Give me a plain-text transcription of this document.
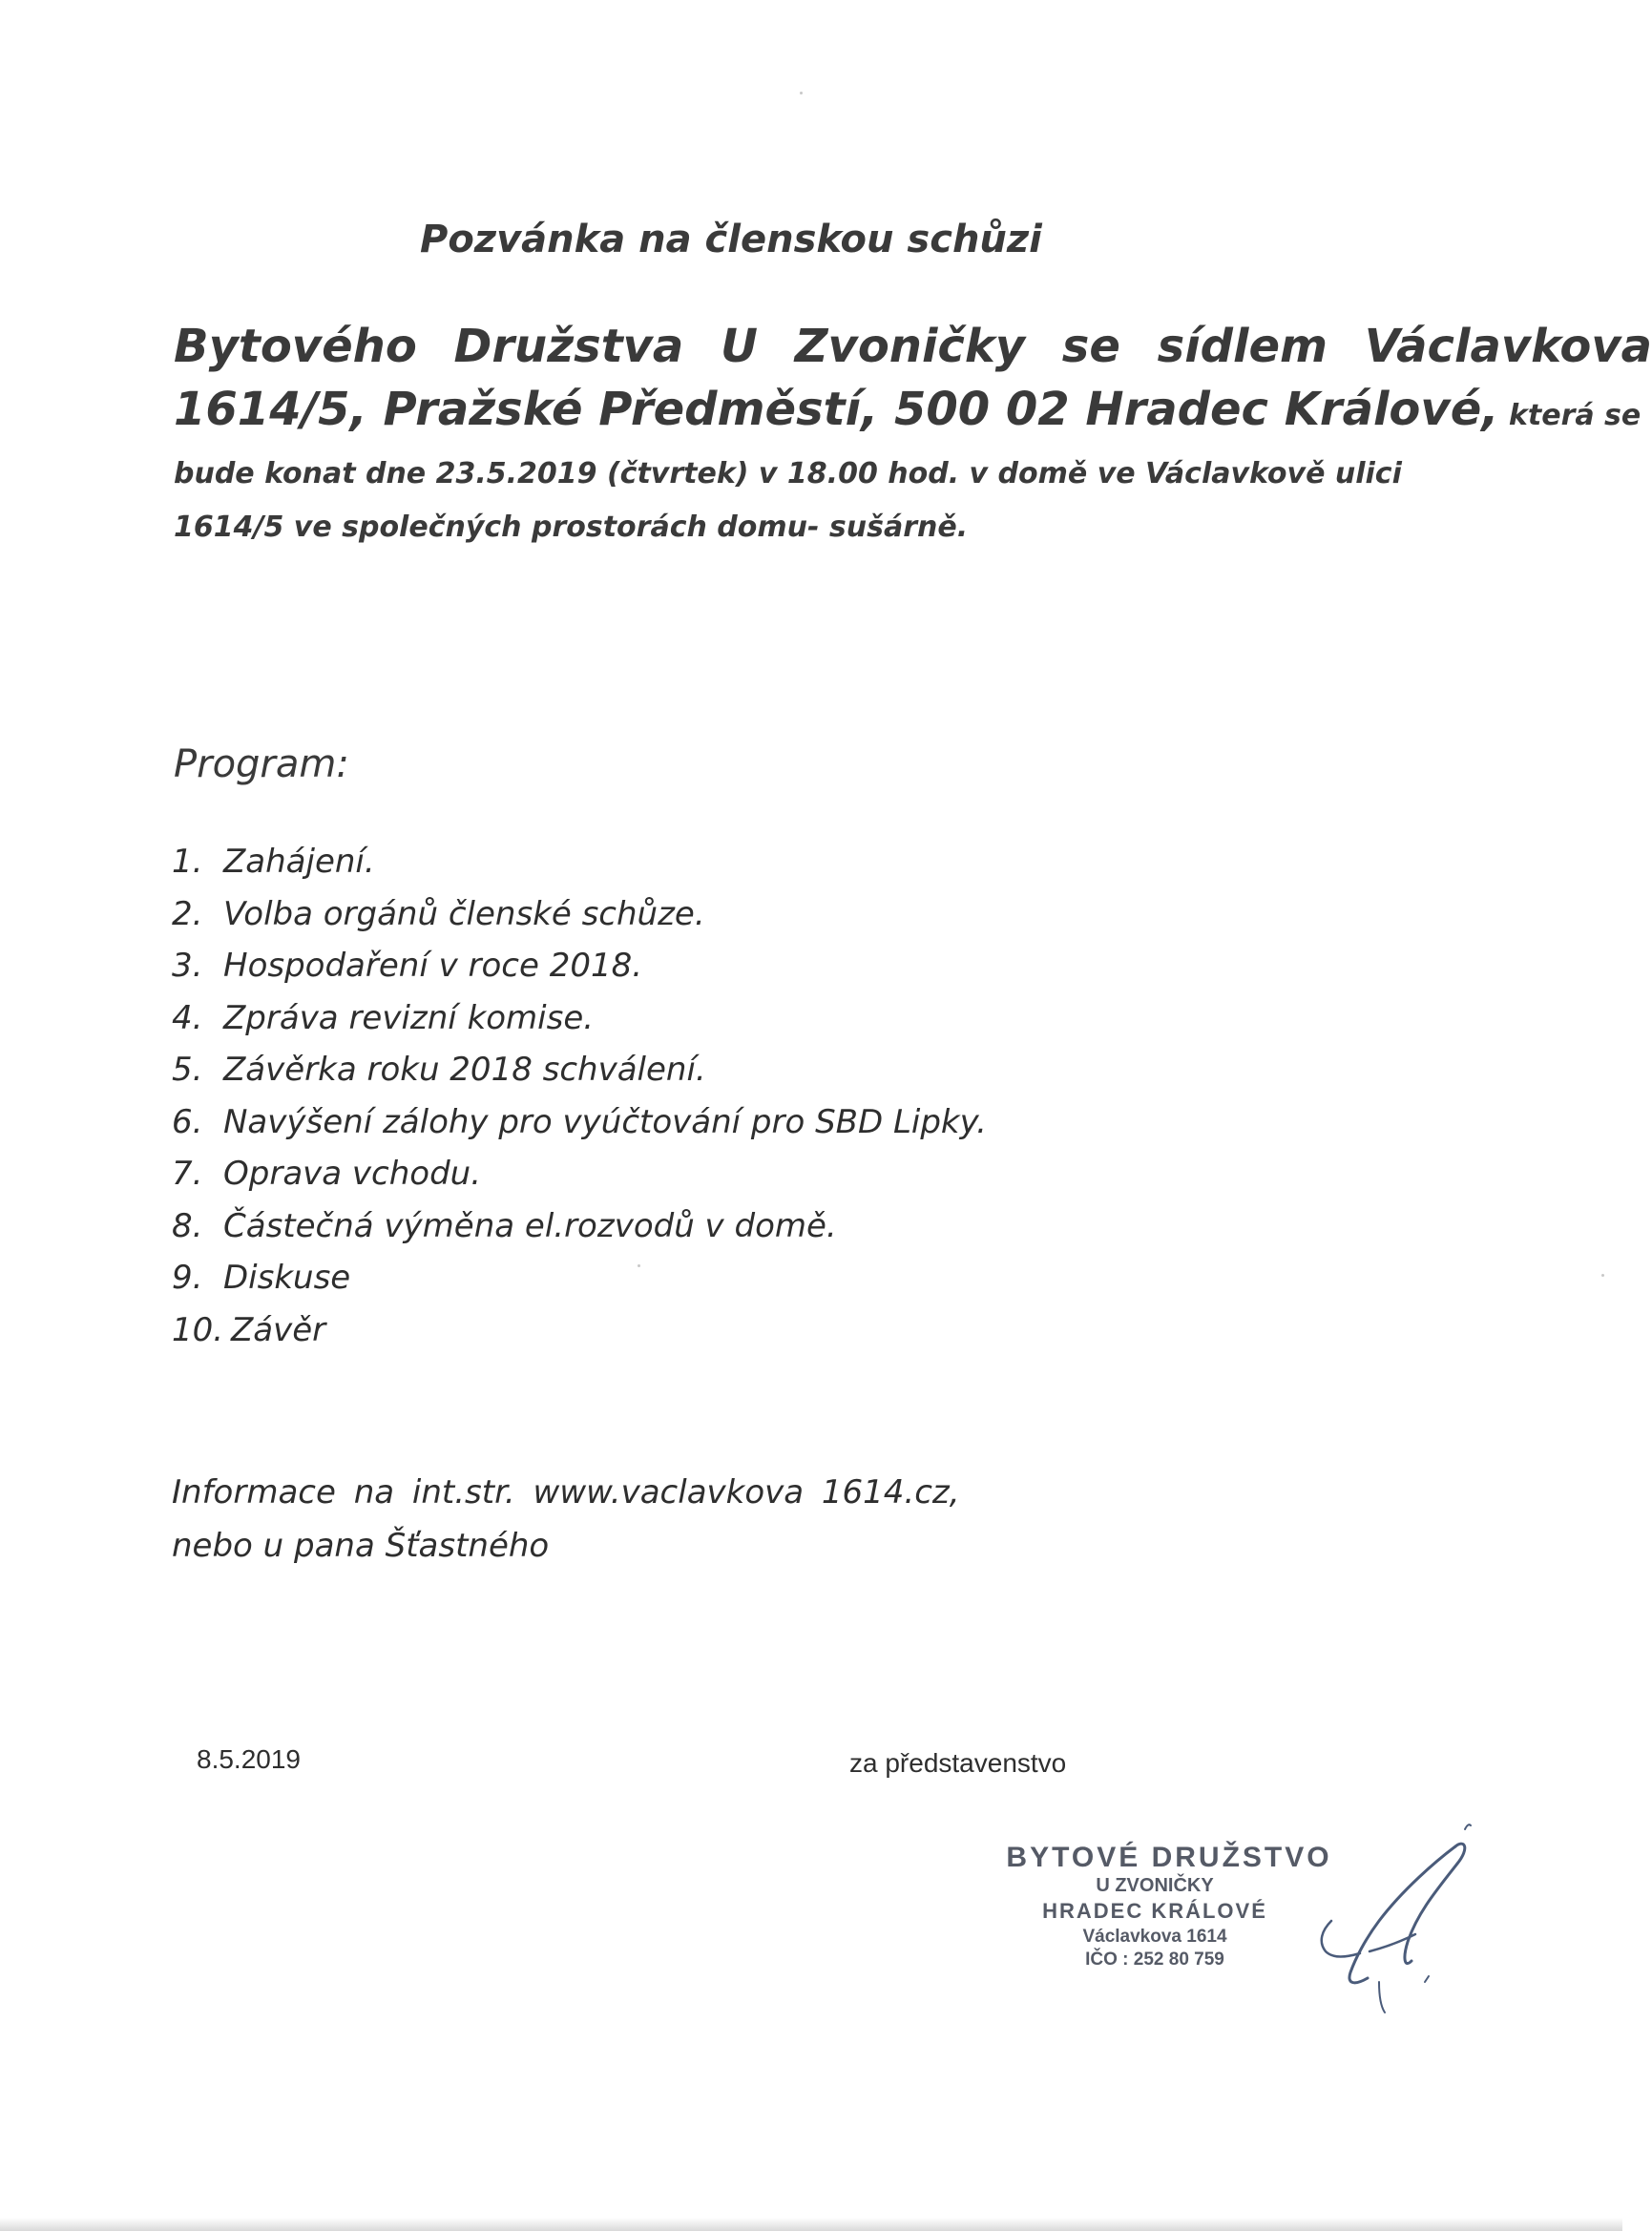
Pozvánka na členskou schůzi

Bytového Družstva U Zvoničky se sídlem Václavkova
1614/5, Pražské Předměstí, 500 02 Hradec Králové, která se
bude konat dne 23.5.2019 (čtvrtek) v 18.00 hod. v domě ve Václavkově ulici
1614/5 ve společných prostorách domu- sušárně.

Program:
1. Zahájení.
2. Volba orgánů členské schůze.
3. Hospodaření v roce 2018.
4. Zpráva revizní komise.
5. Závěrka roku 2018 schválení.
6. Navýšení zálohy pro vyúčtování pro SBD Lipky.
7. Oprava vchodu.
8. Částečná výměna el.rozvodů v domě.
9. Diskuse
10. Závěr

Informace na int.str. www.vaclavkova 1614.cz,
nebo u pana Šťastného

8.5.2019	za představenstvo
BYTOVÉ DRUŽSTVO
U ZVONIČKY
HRADEC KRÁLOVÉ
Václavkova 1614
IČO : 252 80 759
